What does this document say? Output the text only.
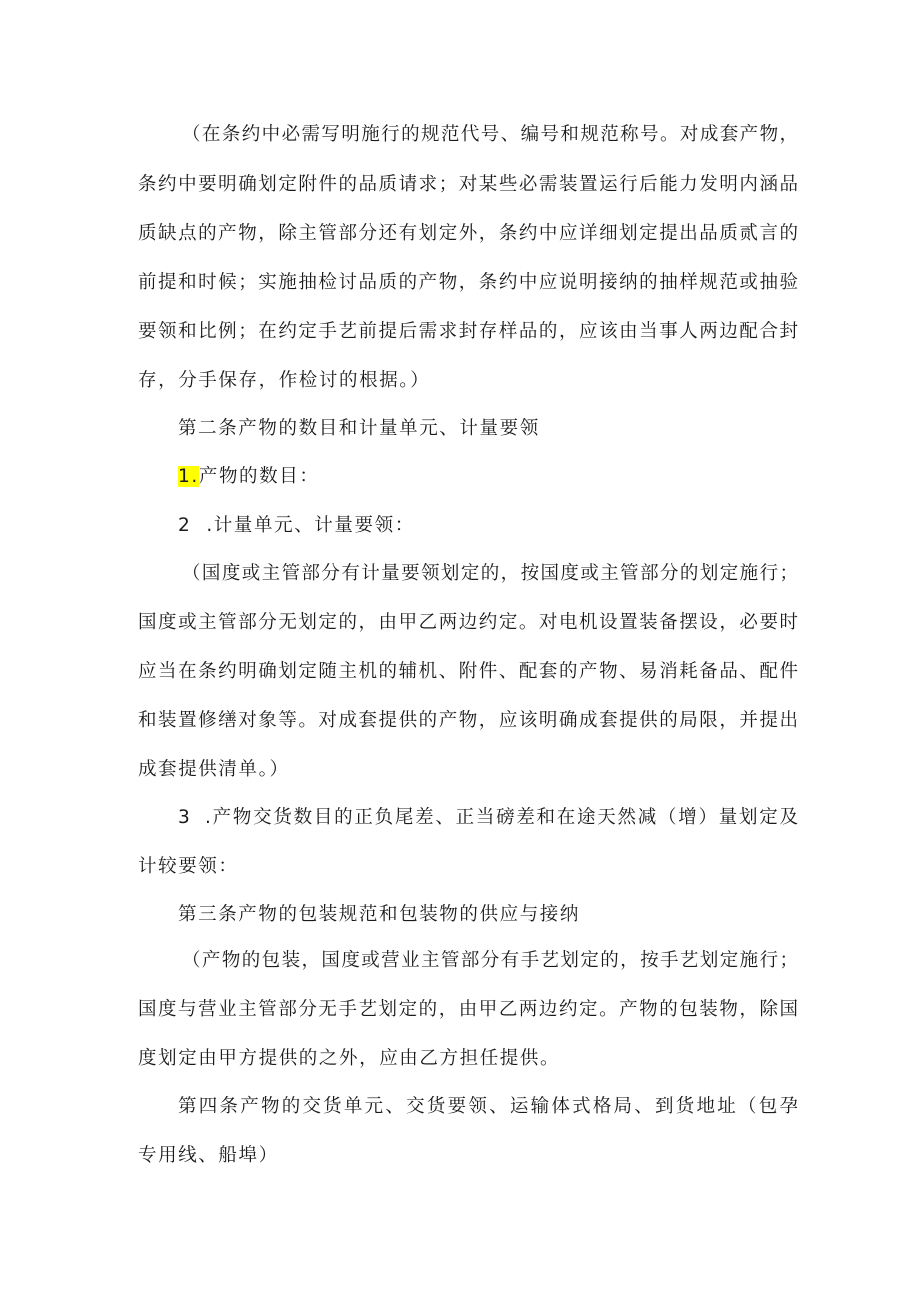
（在条约中必需写明施行的规范代号、编号和规范称号。对成套产物，
条约中要明确划定附件的品质请求；对某些必需装置运行后能力发明内涵品
质缺点的产物，除主管部分还有划定外，条约中应详细划定提出品质贰言的
前提和时候；实施抽检讨品质的产物，条约中应说明接纳的抽样规范或抽验
要领和比例；在约定手艺前提后需求封存样品的，应该由当事人两边配合封
存，分手保存，作检讨的根据。）
第二条产物的数目和计量单元、计量要领
1.产物的数目：
2  .计量单元、计量要领：
（国度或主管部分有计量要领划定的，按国度或主管部分的划定施行；
国度或主管部分无划定的，由甲乙两边约定。对电机设置装备摆设，必要时
应当在条约明确划定随主机的辅机、附件、配套的产物、易消耗备品、配件
和装置修缮对象等。对成套提供的产物，应该明确成套提供的局限，并提出
成套提供清单。）
3  .产物交货数目的正负尾差、正当磅差和在途天然减（增）量划定及
计较要领：
第三条产物的包装规范和包装物的供应与接纳
（产物的包装，国度或营业主管部分有手艺划定的，按手艺划定施行；
国度与营业主管部分无手艺划定的，由甲乙两边约定。产物的包装物，除国
度划定由甲方提供的之外，应由乙方担任提供。
第四条产物的交货单元、交货要领、运输体式格局、到货地址（包孕
专用线、船埠）
